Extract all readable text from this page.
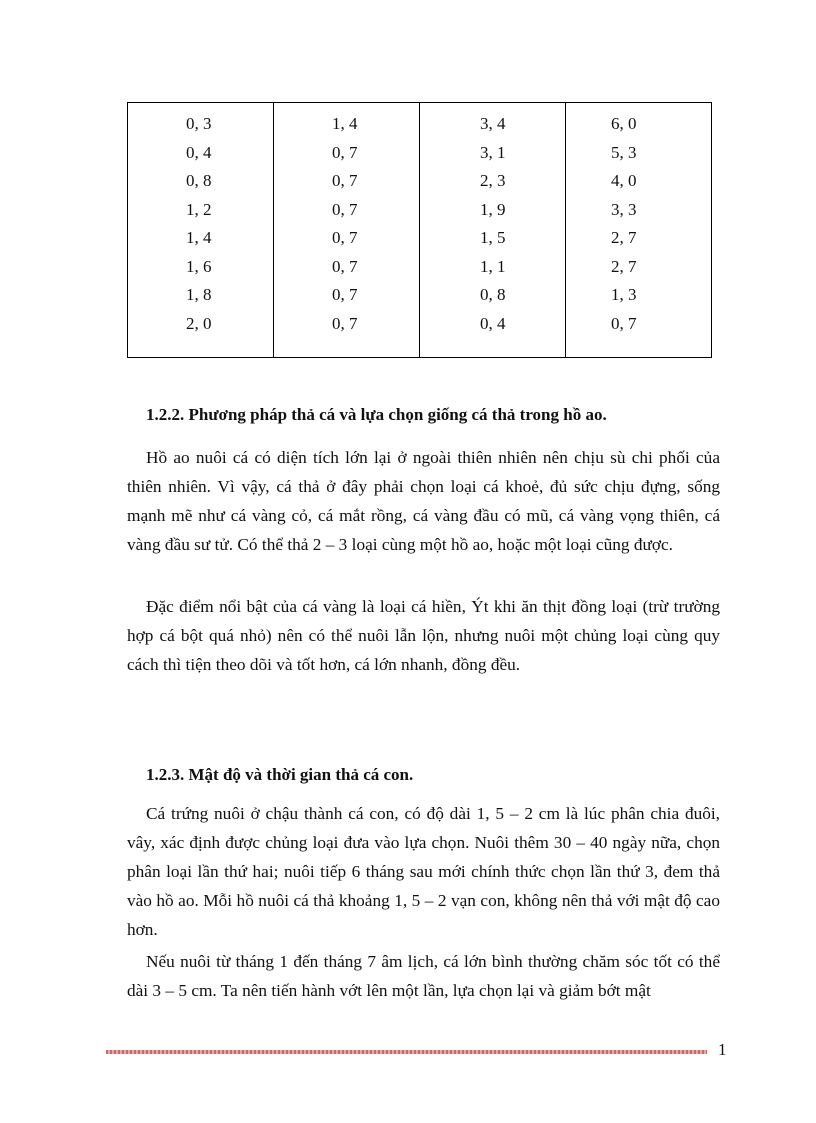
0, 3
0, 4
0, 8
1, 2
1, 4
1, 6
1, 8
2, 0
1, 4
0, 7
0, 7
0, 7
0, 7
0, 7
0, 7
0, 7
3, 4
3, 1
2, 3
1, 9
1, 5
1, 1
0, 8
0, 4
6, 0
5, 3
4, 0
3, 3
2, 7
2, 7
1, 3
0, 7
1.2.2. Phương pháp thả cá và lựa chọn giống cá thả trong hồ ao.

Hồ ao nuôi cá có diện tích lớn lại ở ngoài thiên nhiên nên chịu sù chi phối của thiên nhiên. Vì vậy, cá thả ở đây phải chọn loại cá khoẻ, đủ sức chịu đựng, sống mạnh mẽ như cá vàng cỏ, cá mắt rồng, cá vàng đầu có mũ, cá vàng vọng thiên, cá vàng đầu sư tử. Có thể thả 2 – 3 loại cùng một hồ ao, hoặc một loại cũng được.

Đặc điểm nổi bật của cá vàng là loại cá hiền, Ýt khi ăn thịt đồng loại (trừ trường hợp cá bột quá nhỏ) nên có thể nuôi lẫn lộn, nhưng nuôi một chủng loại cùng quy cách thì tiện theo dõi và tốt hơn, cá lớn nhanh, đồng đều.

1.2.3. Mật độ và thời gian thả cá con.

Cá trứng nuôi ở chậu thành cá con, có độ dài 1, 5 – 2 cm là lúc phân chia đuôi, vây, xác định được chủng loại đưa vào lựa chọn. Nuôi thêm 30 – 40 ngày nữa, chọn phân loại lần thứ hai; nuôi tiếp 6 tháng sau mới chính thức chọn lần thứ 3, đem thả vào hồ ao. Mỗi hồ nuôi cá thả khoảng 1, 5 – 2 vạn con, không nên thả với mật độ cao hơn.

Nếu nuôi từ tháng 1 đến tháng 7 âm lịch, cá lớn bình thường chăm sóc tốt có thể dài 3 – 5 cm. Ta nên tiến hành vớt lên một lần, lựa chọn lại và giảm bớt mật

1
